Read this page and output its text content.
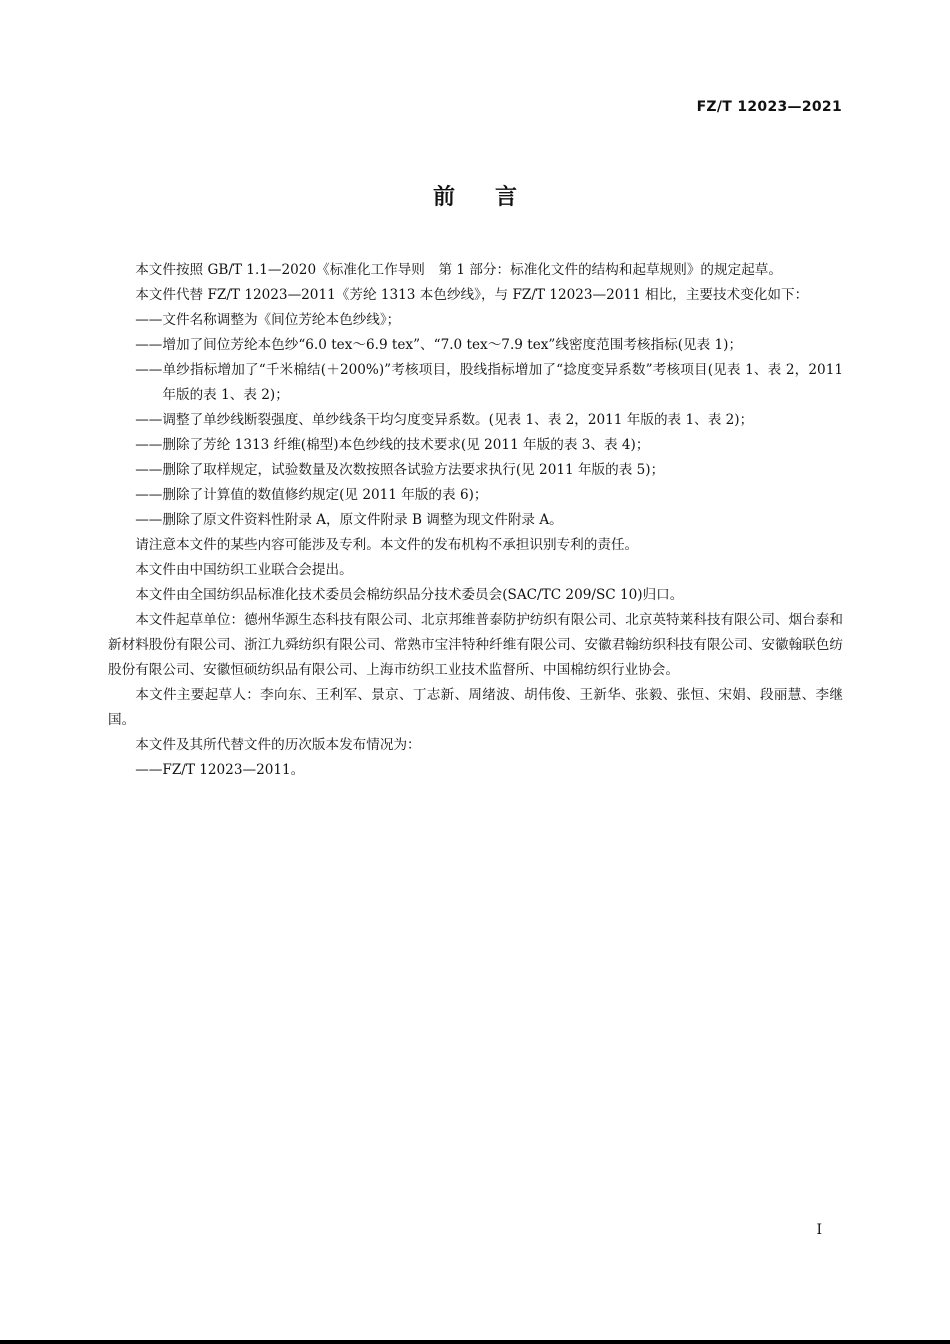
FZ/T 12023—2021
前言

本文件按照 GB/T 1.1—2020《标准化工作导则　第 1 部分：标准化文件的结构和起草规则》的规定起草。

本文件代替 FZ/T 12023—2011《芳纶 1313 本色纱线》，与 FZ/T 12023—2011 相比，主要技术变化如下：

——文件名称调整为《间位芳纶本色纱线》；

——增加了间位芳纶本色纱“6.0 tex～6.9 tex”、“7.0 tex～7.9 tex”线密度范围考核指标(见表 1)；

——单纱指标增加了“千米棉结(＋200%)”考核项目，股线指标增加了“捻度变异系数”考核项目(见表 1、表 2，2011 年版的表 1、表 2)；

——调整了单纱线断裂强度、单纱线条干均匀度变异系数。(见表 1、表 2，2011 年版的表 1、表 2)；

——删除了芳纶 1313 纤维(棉型)本色纱线的技术要求(见 2011 年版的表 3、表 4)；

——删除了取样规定，试验数量及次数按照各试验方法要求执行(见 2011 年版的表 5)；

——删除了计算值的数值修约规定(见 2011 年版的表 6)；

——删除了原文件资料性附录 A，原文件附录 B 调整为现文件附录 A。

请注意本文件的某些内容可能涉及专利。本文件的发布机构不承担识别专利的责任。

本文件由中国纺织工业联合会提出。

本文件由全国纺织品标准化技术委员会棉纺织品分技术委员会(SAC/TC 209/SC 10)归口。

本文件起草单位：德州华源生态科技有限公司、北京邦维普泰防护纺织有限公司、北京英特莱科技有限公司、烟台泰和新材料股份有限公司、浙江九舜纺织有限公司、常熟市宝沣特种纤维有限公司、安徽君翰纺织科技有限公司、安徽翰联色纺股份有限公司、安徽恒硕纺织品有限公司、上海市纺织工业技术监督所、中国棉纺织行业协会。

本文件主要起草人：李向东、王利军、景京、丁志新、周绪波、胡伟俊、王新华、张毅、张恒、宋娟、段丽慧、李继国。

本文件及其所代替文件的历次版本发布情况为：

——FZ/T 12023—2011。

I
